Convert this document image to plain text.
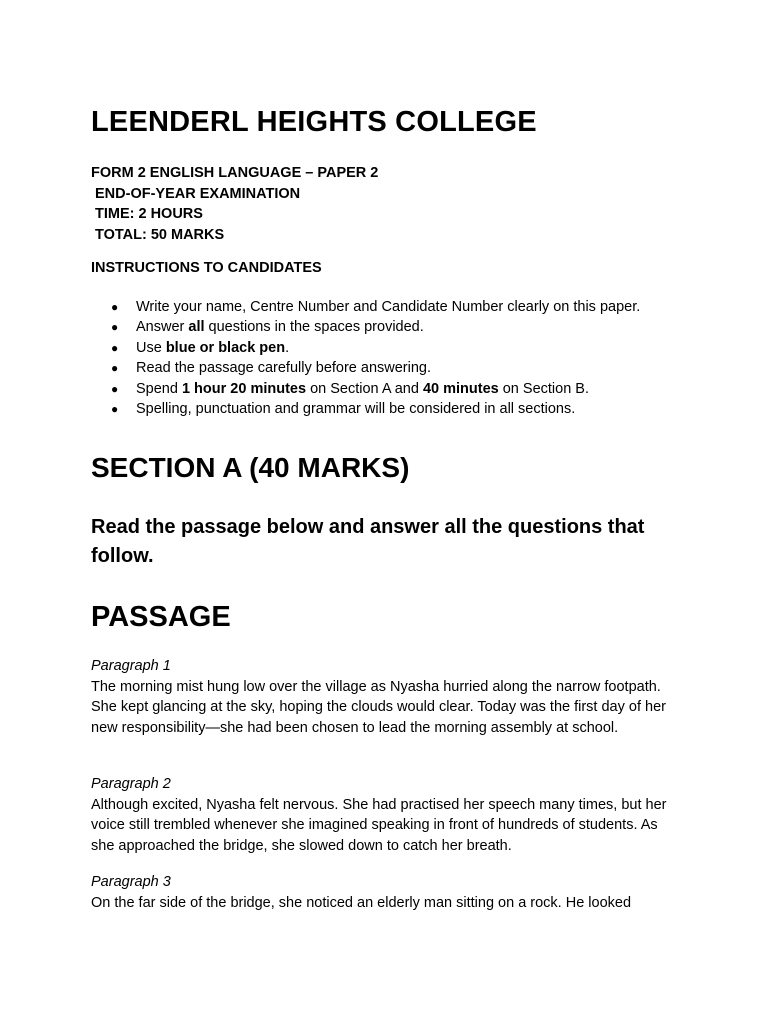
LEENDERL HEIGHTS COLLEGE
FORM 2 ENGLISH LANGUAGE – PAPER 2
END-OF-YEAR EXAMINATION
TIME: 2 HOURS
TOTAL: 50 MARKS
INSTRUCTIONS TO CANDIDATES
● Write your name, Centre Number and Candidate Number clearly on this paper.
● Answer all questions in the spaces provided.
● Use blue or black pen.
● Read the passage carefully before answering.
● Spend 1 hour 20 minutes on Section A and 40 minutes on Section B.
● Spelling, punctuation and grammar will be considered in all sections.
SECTION A (40 MARKS)

Read the passage below and answer all the questions that follow.

PASSAGE
Paragraph 1
The morning mist hung low over the village as Nyasha hurried along the narrow footpath. She kept glancing at the sky, hoping the clouds would clear. Today was the first day of her new responsibility—she had been chosen to lead the morning assembly at school.
Paragraph 2
Although excited, Nyasha felt nervous. She had practised her speech many times, but her voice still trembled whenever she imagined speaking in front of hundreds of students. As she approached the bridge, she slowed down to catch her breath.
Paragraph 3
On the far side of the bridge, she noticed an elderly man sitting on a rock. He looked
